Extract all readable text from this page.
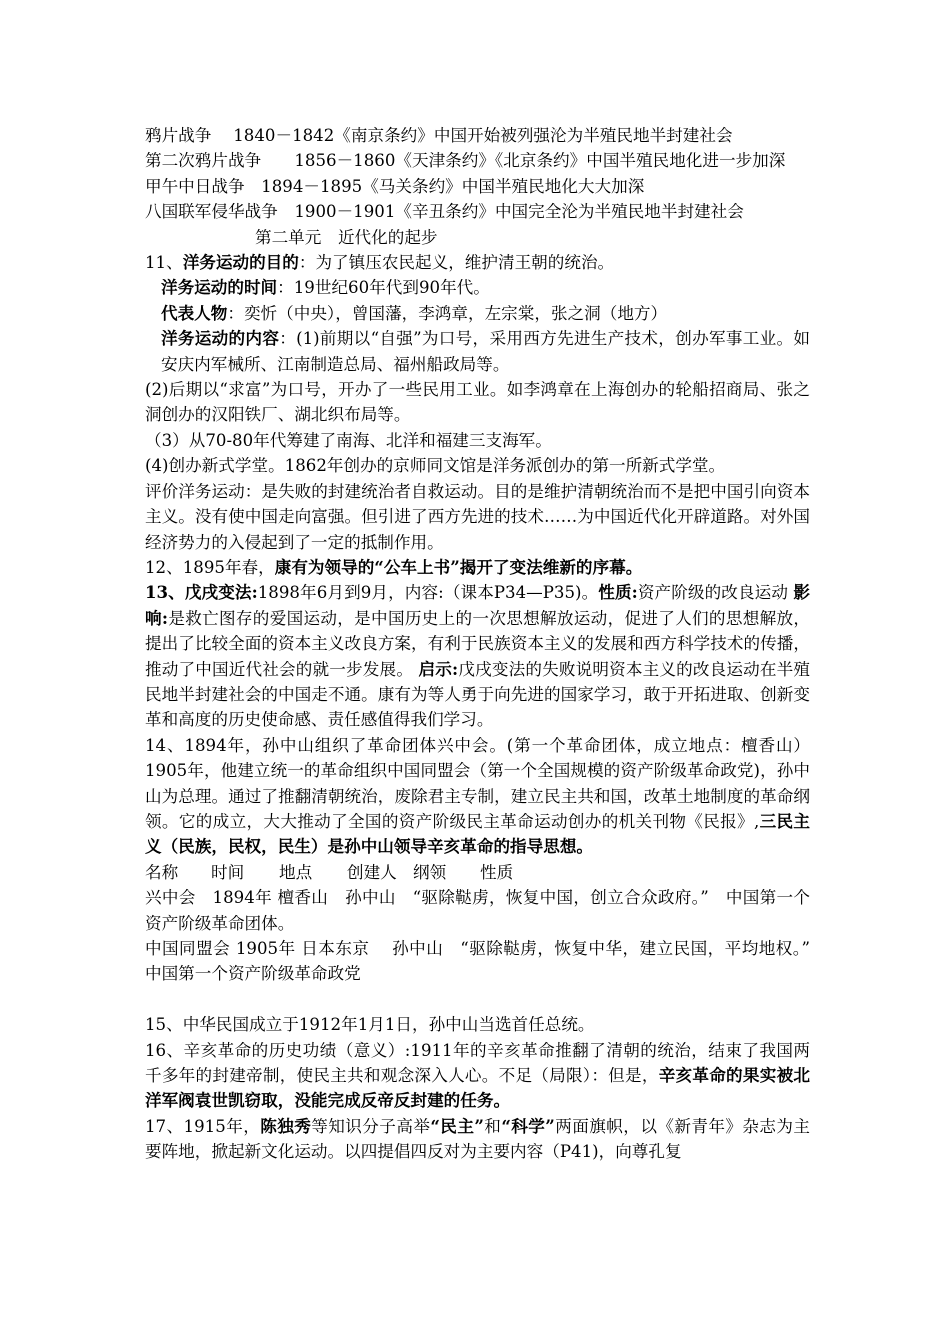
鸦片战争　 1840－1842《南京条约》中国开始被列强沦为半殖民地半封建社会

第二次鸦片战争　　1856－1860《天津条约》《北京条约》中国半殖民地化进一步加深

甲午中日战争　1894－1895《马关条约》中国半殖民地化大大加深

八国联军侵华战争　1900－1901《辛丑条约》中国完全沦为半殖民地半封建社会

第二单元　近代化的起步

11、洋务运动的目的：为了镇压农民起义，维护清王朝的统治。

洋务运动的时间：19世纪60年代到90年代。

代表人物：奕忻（中央），曾国藩，李鸿章，左宗棠，张之洞（地方）

洋务运动的内容：(1)前期以“自强”为口号，采用西方先进生产技术，创办军事工业。如安庆内军械所、江南制造总局、福州船政局等。

(2)后期以“求富”为口号，开办了一些民用工业。如李鸿章在上海创办的轮船招商局、张之洞创办的汉阳铁厂、湖北织布局等。

（3）从70-80年代筹建了南海、北洋和福建三支海军。

(4)创办新式学堂。1862年创办的京师同文馆是洋务派创办的第一所新式学堂。

评价洋务运动：是失败的封建统治者自救运动。目的是维护清朝统治而不是把中国引向资本主义。没有使中国走向富强。但引进了西方先进的技术……为中国近代化开辟道路。对外国经济势力的入侵起到了一定的抵制作用。

12、1895年春，康有为领导的“公车上书”揭开了变法维新的序幕。

13、戊戌变法:1898年6月到9月，内容:（课本P34—P35)。性质:资产阶级的改良运动 影响:是救亡图存的爱国运动，是中国历史上的一次思想解放运动，促进了人们的思想解放，提出了比较全面的资本主义改良方案，有利于民族资本主义的发展和西方科学技术的传播，推动了中国近代社会的就一步发展。 启示:戊戌变法的失败说明资本主义的改良运动在半殖民地半封建社会的中国走不通。康有为等人勇于向先进的国家学习，敢于开拓进取、创新变革和高度的历史使命感、责任感值得我们学习。

14、1894年，孙中山组织了革命团体兴中会。(第一个革命团体，成立地点：檀香山）1905年，他建立统一的革命组织中国同盟会（第一个全国规模的资产阶级革命政党)，孙中山为总理。通过了推翻清朝统治，废除君主专制，建立民主共和国，改革土地制度的革命纲领。它的成立，大大推动了全国的资产阶级民主革命运动创办的机关刊物《民报》,三民主义（民族，民权，民生）是孙中山领导辛亥革命的指导思想。

名称 时间 地点 创建人 纲领 性质

兴中会　1894年 檀香山　孙中山　“驱除鞑虏，恢复中国，创立合众政府。”　中国第一个资产阶级革命团体。

中国同盟会 1905年 日本东京　 孙中山　“驱除鞑虏，恢复中华，建立民国，平均地权。”　　中国第一个资产阶级革命政党

15、中华民国成立于1912年1月1日，孙中山当选首任总统。

16、辛亥革命的历史功绩（意义）:1911年的辛亥革命推翻了清朝的统治，结束了我国两千多年的封建帝制，使民主共和观念深入人心。不足（局限）：但是，辛亥革命的果实被北洋军阀袁世凯窃取，没能完成反帝反封建的任务。

17、1915年，陈独秀等知识分子高举“民主”和“科学”两面旗帜，以《新青年》杂志为主要阵地，掀起新文化运动。以四提倡四反对为主要内容（P41)，向尊孔复
